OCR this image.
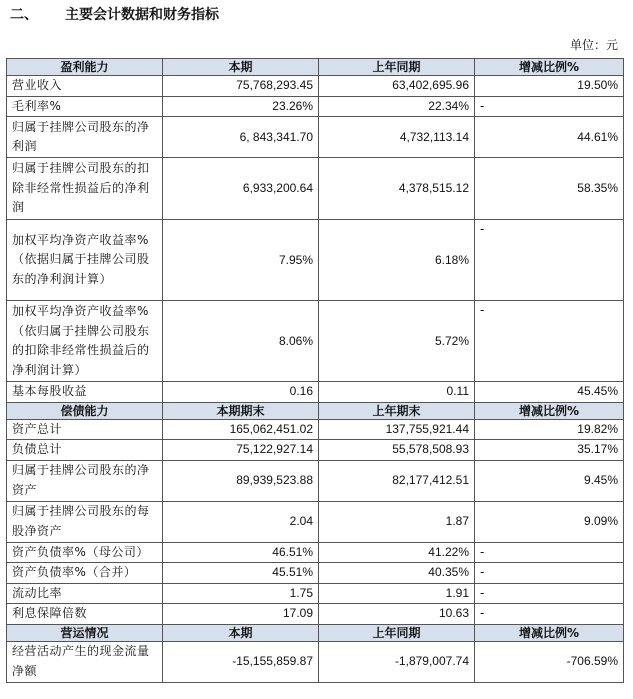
二、 主要会计数据和财务指标
单位：元
盈利能力	本期	上年同期	增减比例%
营业收入	75,768,293.45	63,402,695.96	19.50%
毛利率%	23.26%	22.34%	-
归属于挂牌公司股东的净利润	6, 843,341.70	4,732,113.14	44.61%
归属于挂牌公司股东的扣除非经常性损益后的净利润	6,933,200.64	4,378,515.12	58.35%
加权平均净资产收益率%（依据归属于挂牌公司股东的净利润计算）	7.95%	6.18%	-
加权平均净资产收益率%（依归属于挂牌公司股东的扣除非经常性损益后的净利润计算）	8.06%	5.72%	-
基本每股收益	0.16	0.11	45.45%
偿债能力	本期期末	上年期末	增减比例%
资产总计	165,062,451.02	137,755,921.44	19.82%
负债总计	75,122,927.14	55,578,508.93	35.17%
归属于挂牌公司股东的净资产	89,939,523.88	82,177,412.51	9.45%
归属于挂牌公司股东的每股净资产	2.04	1.87	9.09%
资产负债率%（母公司）	46.51%	41.22%	-
资产负债率%（合并）	45.51%	40.35%	-
流动比率	1.75	1.91	-
利息保障倍数	17.09	10.63	-
营运情况	本期	上年同期	增减比例%
经营活动产生的现金流量净额	-15,155,859.87	-1,879,007.74	-706.59%
